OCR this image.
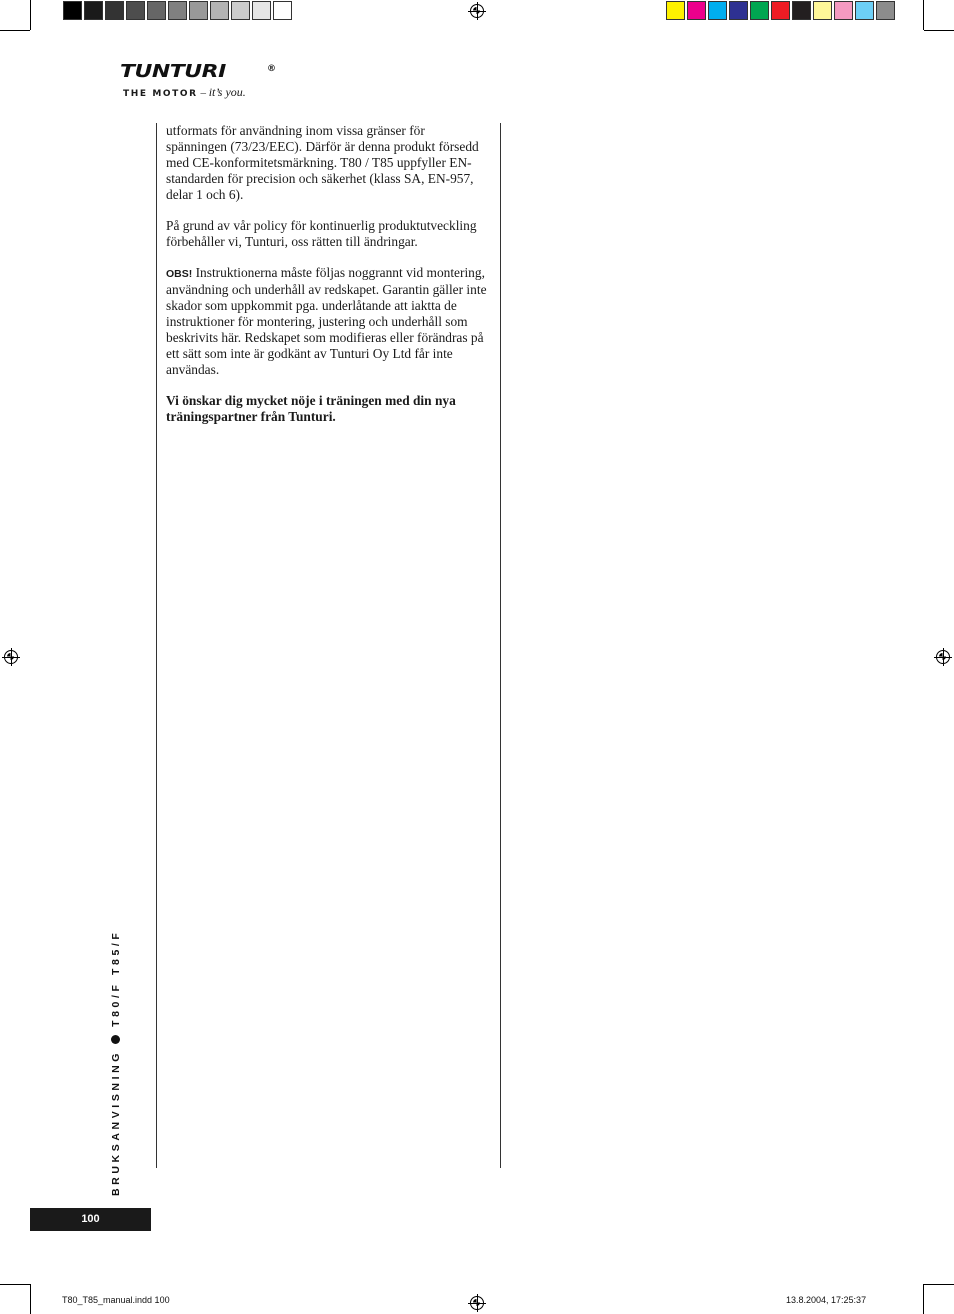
TUNTURI	®
THE MOTOR – it’s you.

utformats för användning inom vissa gränser för spänningen (73/23/EEC). Därför är denna produkt försedd med CE-konformitetsmärkning. T80 / T85 uppfyller EN-standarden för precision och säkerhet (klass SA, EN-957, delar 1 och 6).

På grund av vår policy för kontinuerlig produktutveckling förbehåller vi, Tunturi, oss rätten till ändringar.

OBS! Instruktionerna måste följas noggrannt vid montering, användning och underhåll av redskapet. Garantin gäller inte skador som uppkommit pga. underlåtande att iaktta de instruktioner för montering, justering och underhåll som beskrivits här. Redskapet som modifieras eller förändras på ett sätt som inte är godkänt av Tunturi Oy Ltd får inte användas.

Vi önskar dig mycket nöje i träningen med din nya träningspartner från Tunturi.

BRUKSANVISNINGT80/F T85/F
100
T80_T85_manual.indd 100	13.8.2004, 17:25:37
